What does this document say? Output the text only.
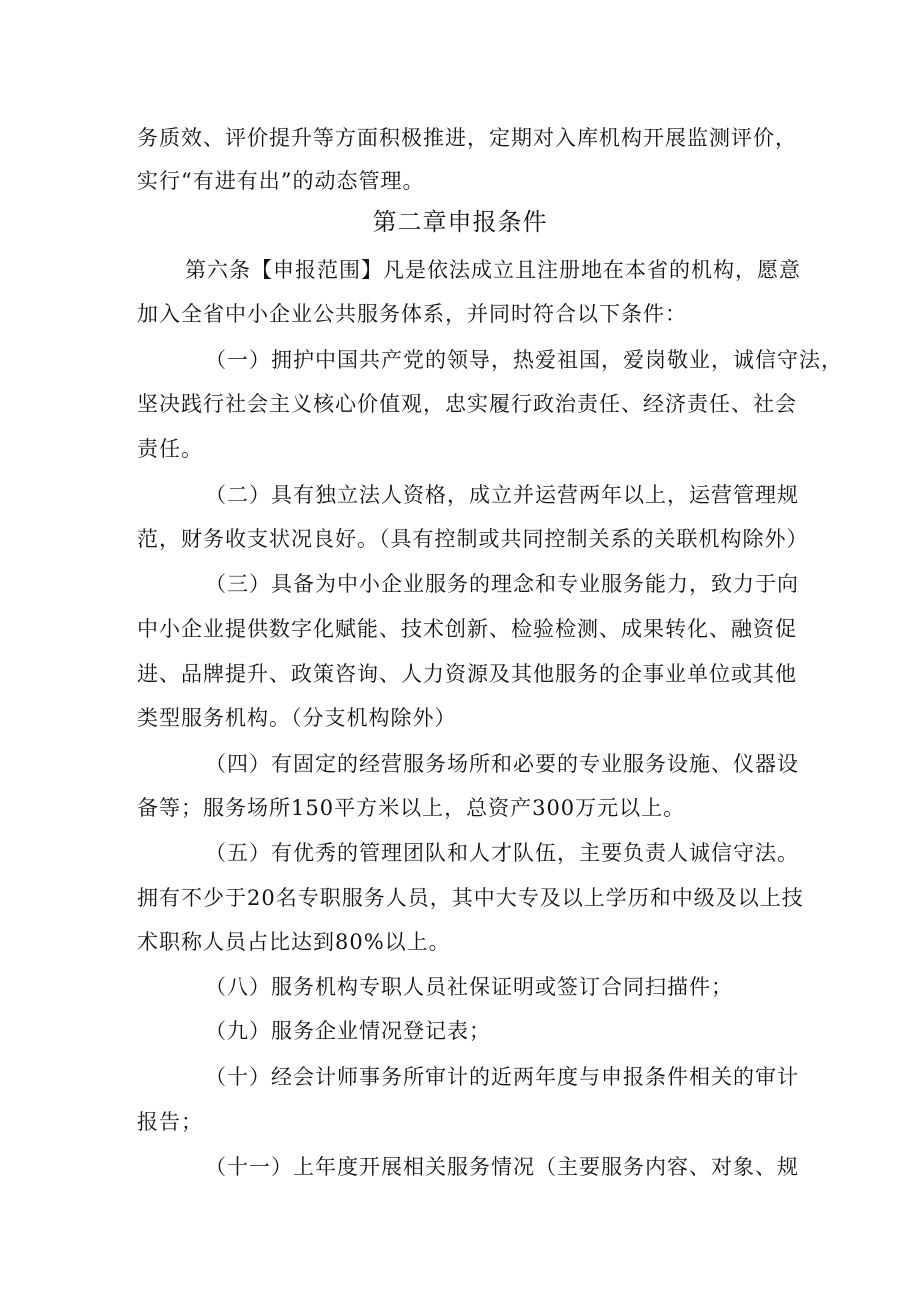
务质效、评价提升等方面积极推进，定期对入库机构开展监测评价，
实行“有进有出”的动态管理。
第二章申报条件
第六条【申报范围】凡是依法成立且注册地在本省的机构，愿意
加入全省中小企业公共服务体系，并同时符合以下条件：
（一）拥护中国共产党的领导，热爱祖国，爱岗敬业，诚信守法，
坚决践行社会主义核心价值观，忠实履行政治责任、经济责任、社会
责任。
（二）具有独立法人资格，成立并运营两年以上，运营管理规
范，财务收支状况良好。（具有控制或共同控制关系的关联机构除外）
（三）具备为中小企业服务的理念和专业服务能力，致力于向
中小企业提供数字化赋能、技术创新、检验检测、成果转化、融资促
进、品牌提升、政策咨询、人力资源及其他服务的企事业单位或其他
类型服务机构。（分支机构除外）
（四）有固定的经营服务场所和必要的专业服务设施、仪器设
备等；服务场所150平方米以上，总资产300万元以上。
（五）有优秀的管理团队和人才队伍，主要负责人诚信守法。
拥有不少于20名专职服务人员，其中大专及以上学历和中级及以上技
术职称人员占比达到80%以上。
（八）服务机构专职人员社保证明或签订合同扫描件；
（九）服务企业情况登记表；
（十）经会计师事务所审计的近两年度与申报条件相关的审计
报告；
（十一）上年度开展相关服务情况（主要服务内容、对象、规
